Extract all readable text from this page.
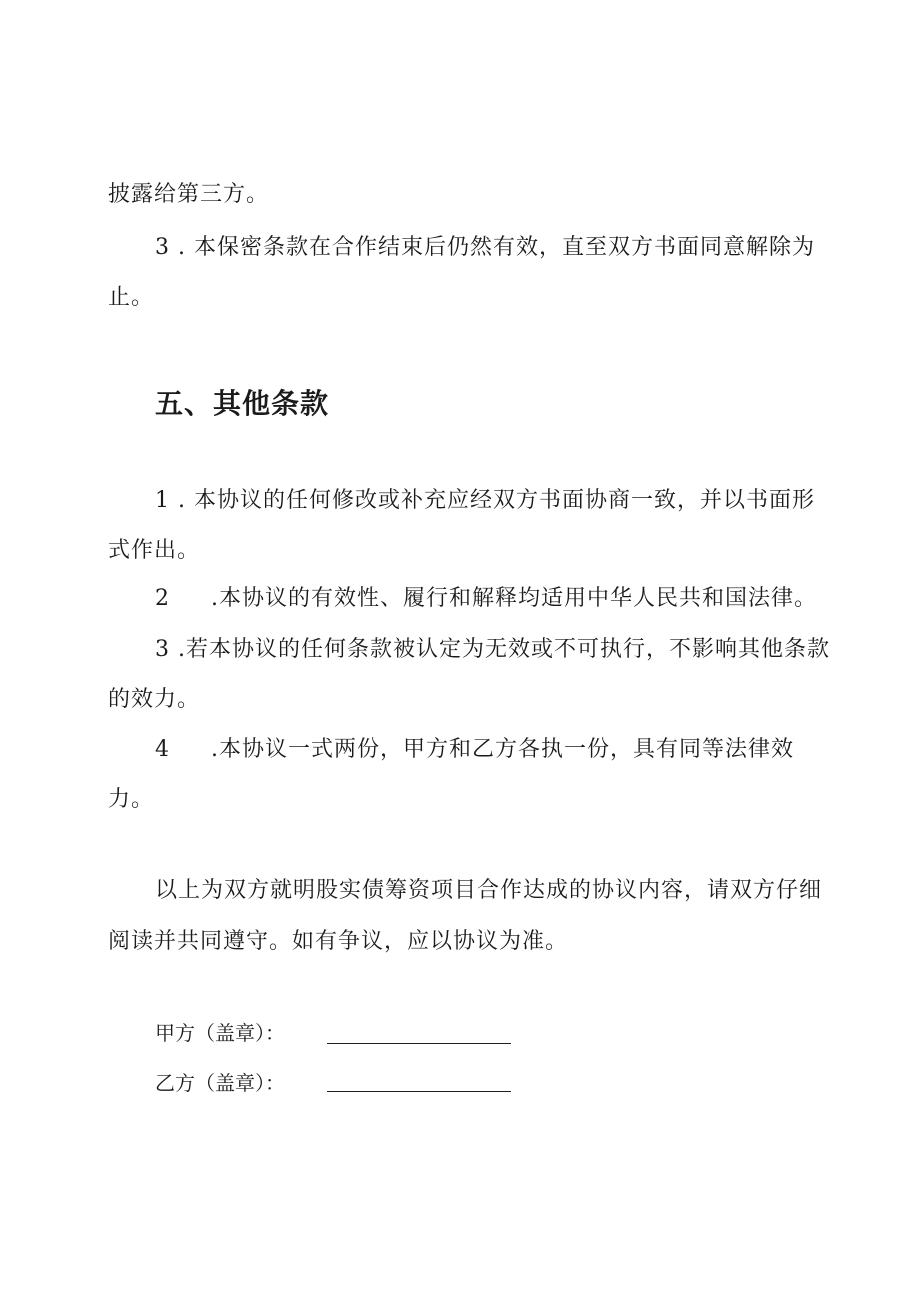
披露给第三方。
3 . 本保密条款在合作结束后仍然有效，直至双方书面同意解除为
止。
五、其他条款
1 . 本协议的任何修改或补充应经双方书面协商一致，并以书面形
式作出。
2 .本协议的有效性、履行和解释均适用中华人民共和国法律。
3 .若本协议的任何条款被认定为无效或不可执行，不影响其他条款
的效力。
4 .本协议一式两份，甲方和乙方各执一份，具有同等法律效
力。
以上为双方就明股实债筹资项目合作达成的协议内容，请双方仔细
阅读并共同遵守。如有争议，应以协议为准。
甲方（盖章）：
乙方（盖章）：
